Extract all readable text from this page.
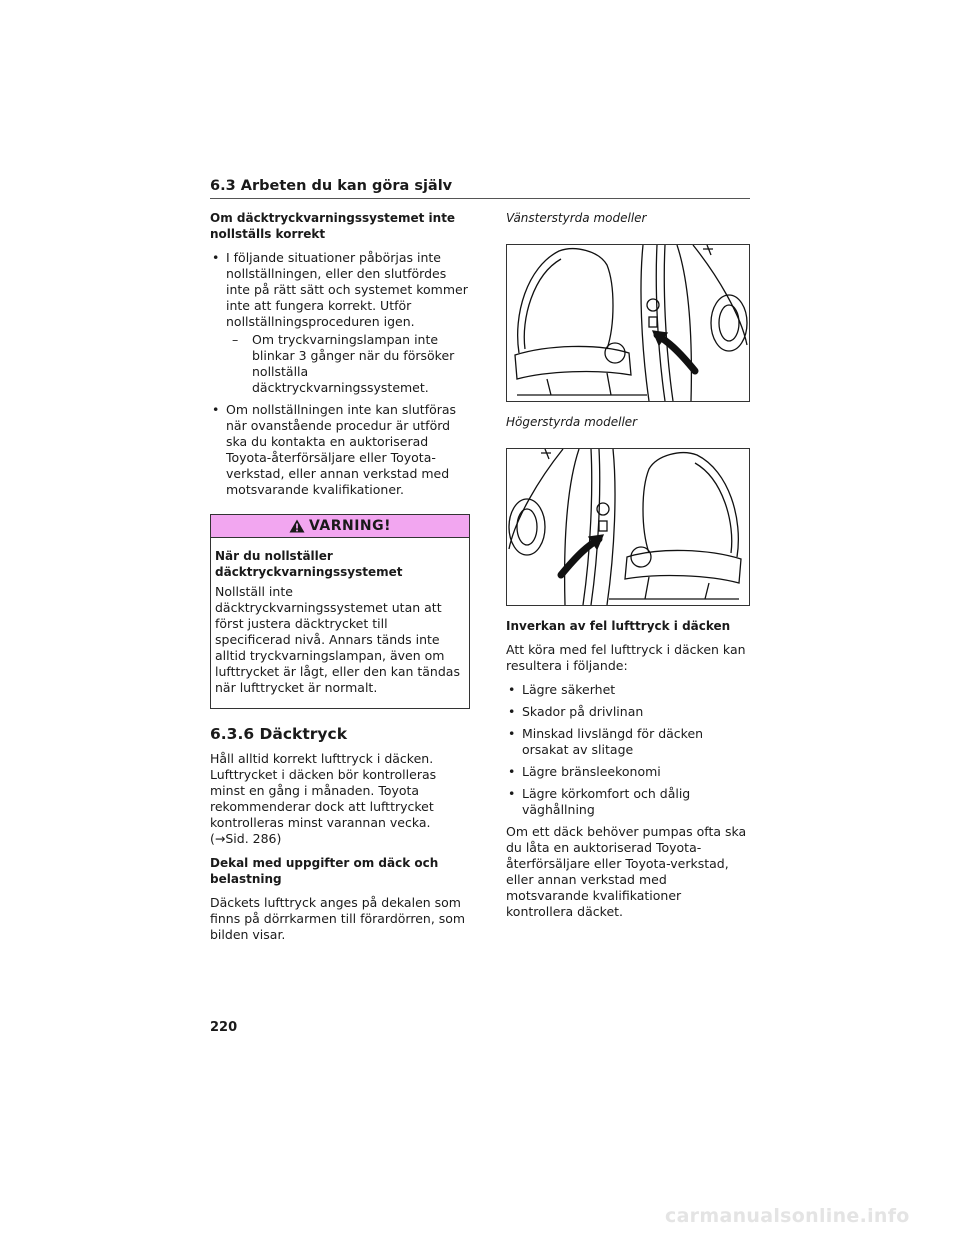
6.3 Arbeten du kan göra själv
Om däcktryckvarningssystemet inte nollställs korrekt
• I följande situationer påbörjas inte nollställningen, eller den slutfördes inte på rätt sätt och systemet kommer inte att fungera korrekt. Utför nollställningsproceduren igen.
– Om tryckvarningslampan inte blinkar 3 gånger när du försöker nollställa däcktryckvarningssystemet.
• Om nollställningen inte kan slutföras när ovanstående procedur är utförd ska du kontakta en auktoriserad Toyota-återförsäljare eller Toyota-verkstad, eller annan verkstad med motsvarande kvalifikationer.
VARNING!
När du nollställer däcktryckvarningssystemet

Nollställ inte däcktryckvarningssystemet utan att först justera däcktrycket till specificerad nivå. Annars tänds inte alltid tryckvarningslampan, även om lufttrycket är lågt, eller den kan tändas när lufttrycket är normalt.

6.3.6 Däcktryck

Håll alltid korrekt lufttryck i däcken. Lufttrycket i däcken bör kontrolleras minst en gång i månaden. Toyota rekommenderar dock att lufttrycket kontrolleras minst varannan vecka. (→Sid. 286)

Dekal med uppgifter om däck och belastning

Däckets lufttryck anges på dekalen som finns på dörrkarmen till förardörren, som bilden visar.

Vänsterstyrda modeller
Högerstyrda modeller
Inverkan av fel lufttryck i däcken

Att köra med fel lufttryck i däcken kan resultera i följande:

• Lägre säkerhet
• Skador på drivlinan
• Minskad livslängd för däcken orsakat av slitage
• Lägre bränsleekonomi
• Lägre körkomfort och dålig väghållning

Om ett däck behöver pumpas ofta ska du låta en auktoriserad Toyota-återförsäljare eller Toyota-verkstad, eller annan verkstad med motsvarande kvalifikationer kontrollera däcket.

220
carmanualsonline.info
